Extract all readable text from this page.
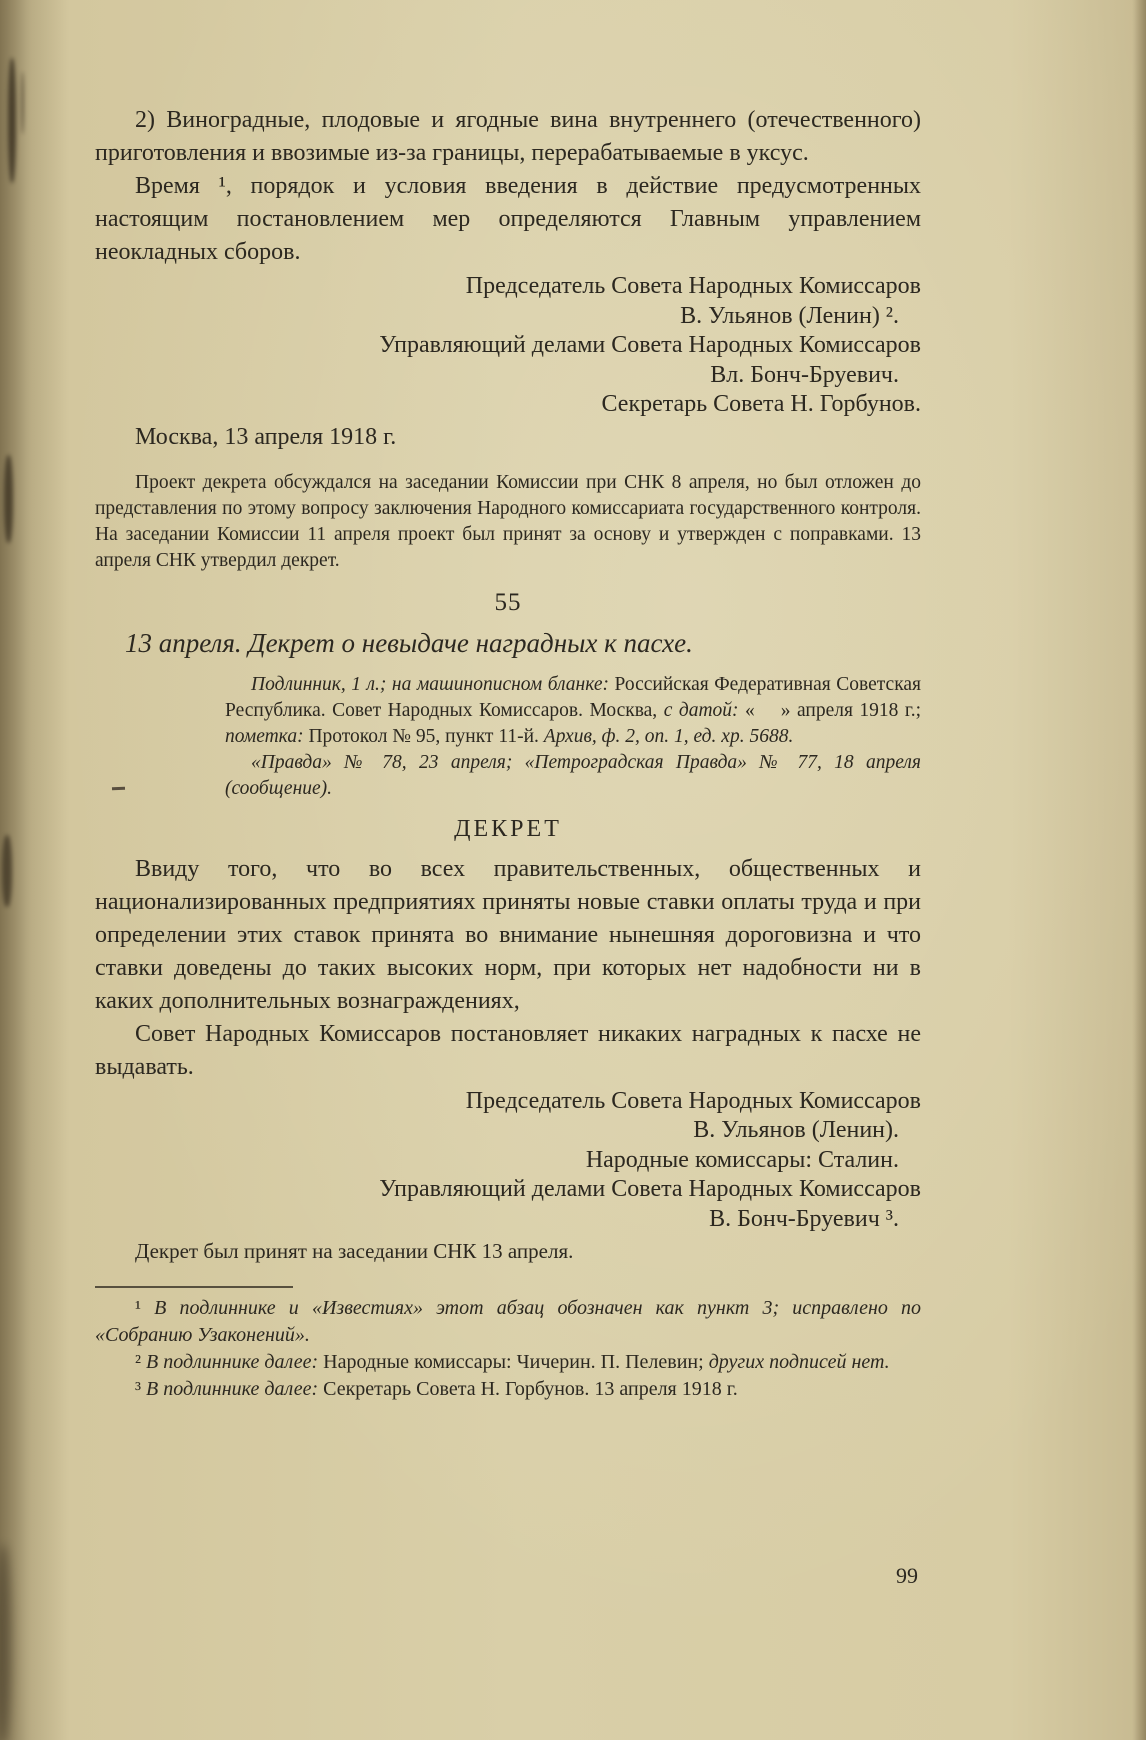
2) Виноградные, плодовые и ягодные вина внутреннего (отечественного) приготовления и ввозимые из-за границы, перерабатываемые в уксус.

Время ¹, порядок и условия введения в действие предусмотренных настоящим постановлением мер определяются Главным управлением неокладных сборов.

Председатель Совета Народных Комиссаров
В. Ульянов (Ленин) ².
Управляющий делами Совета Народных Комиссаров
Вл. Бонч-Бруевич.
Секретарь Совета Н. Горбунов.

Москва, 13 апреля 1918 г.

Проект декрета обсуждался на заседании Комиссии при СНК 8 апреля, но был отложен до представления по этому вопросу заключения Народного комиссариата государственного контроля. На заседании Комиссии 11 апреля проект был принят за основу и утвержден с поправками. 13 апреля СНК утвердил декрет.

55
13 апреля. Декрет о невыдаче наградных к пасхе.

Подлинник, 1 л.; на машинописном бланке: Российская Федеративная Советская Республика. Совет Народных Комиссаров. Москва, с датой: «    » апреля 1918 г.; пометка: Протокол № 95, пункт 11-й. Архив, ф. 2, оп. 1, ед. хр. 5688.

«Правда» № 78, 23 апреля; «Петроградская Правда» № 77, 18 апреля (сообщение).

ДЕКРЕТ

Ввиду того, что во всех правительственных, общественных и национализированных предприятиях приняты новые ставки оплаты труда и при определении этих ставок принята во внимание нынешняя дороговизна и что ставки доведены до таких высоких норм, при которых нет надобности ни в каких дополнительных вознаграждениях,

Совет Народных Комиссаров постановляет никаких наградных к пасхе не выдавать.

Председатель Совета Народных Комиссаров
В. Ульянов (Ленин).
Народные комиссары: Сталин.
Управляющий делами Совета Народных Комиссаров
В. Бонч-Бруевич ³.

Декрет был принят на заседании СНК 13 апреля.

¹ В подлиннике и «Известиях» этот абзац обозначен как пункт 3; исправлено по «Собранию Узаконений».

² В подлиннике далее: Народные комиссары: Чичерин. П. Пелевин; других подписей нет.

³ В подлиннике далее: Секретарь Совета Н. Горбунов. 13 апреля 1918 г.

99
